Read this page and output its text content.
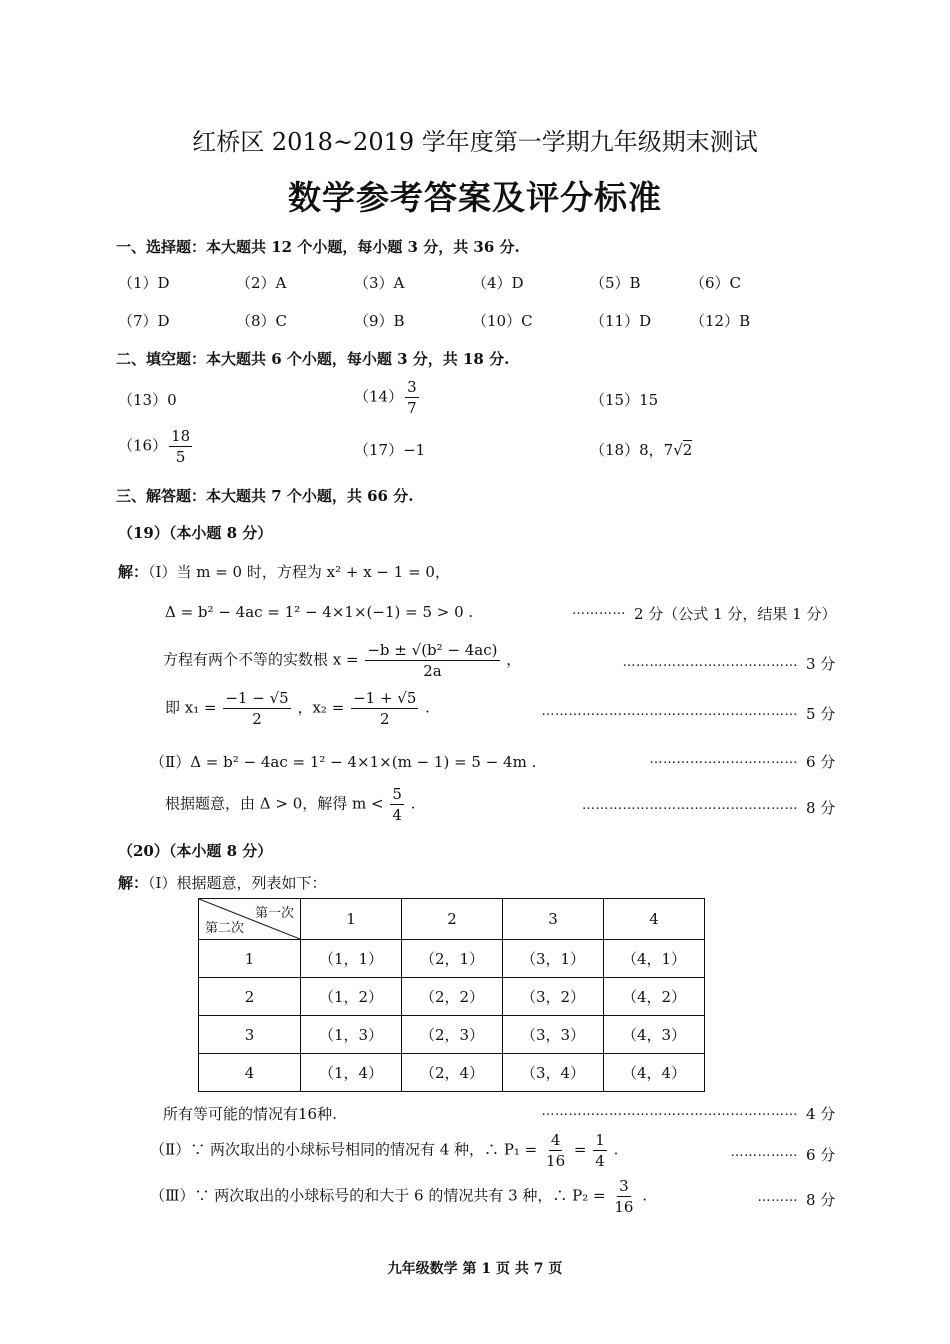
红桥区 2018~2019 学年度第一学期九年级期末测试
数学参考答案及评分标准
一、选择题：本大题共 12 个小题，每小题 3 分，共 36 分.
（1）D	（2）A	（3）A	（4）D	（5）B	（6）C
（7）D	（8）C	（9）B	（10）C	（11）D	（12）B
二、填空题：本大题共 6 个小题，每小题 3 分，共 18 分.
（13）0	$(14) \frac{3}{7}$	（15）15
$(16) \frac{18}{5}$	（17）−1	（18）8，7√2
三、解答题：本大题共 7 个小题，共 66 分.
（19）（本小题 8 分）
解：（Ⅰ）当 m = 0 时，方程为 x² + x − 1 = 0，
Δ = b² − 4ac = 1² − 4×1×(−1) = 5 > 0 .	………… 2 分（公式 1 分，结果 1 分）
方程有两个不等的实数根 $x = \frac{\text{−b ± √(b² − 4ac)}}{2a}$ ，	………………………………… 3 分
即 $x_1 = \frac{-1 - √5}{2}$ ，$x_2 = \frac{-1 + √5}{2}$ .	………………………………………………… 5 分
（Ⅱ）Δ = b² − 4ac = 1² − 4×1×(m − 1) = 5 − 4m .	…………………………… 6 分
根据题意，由 Δ > 0，解得 $m < \frac{5}{4}$ .	………………………………………… 8 分
（20）（本小题 8 分）
解：（Ⅰ）根据题意，列表如下：
第一次
第二次	1	2	3	4
1	（1，1）	（2，1）	（3，1）	（4，1）
2	（1，2）	（2，2）	（3，2）	（4，2）
3	（1，3）	（2，3）	（3，3）	（4，3）
4	（1，4）	（2，4）	（3，4）	（4，4）
所有等可能的情况有16种.	………………………………………………… 4 分
（Ⅱ）∵ 两次取出的小球标号相同的情况有 4 种，∴ $P_1 = \frac{4}{16} = \frac{1}{4}$ .	…………… 6 分
（Ⅲ）∵ 两次取出的小球标号的和大于 6 的情况共有 3 种，∴ $P_2 = \frac{3}{16}$ .	……… 8 分
九年级数学 第 1 页 共 7 页
